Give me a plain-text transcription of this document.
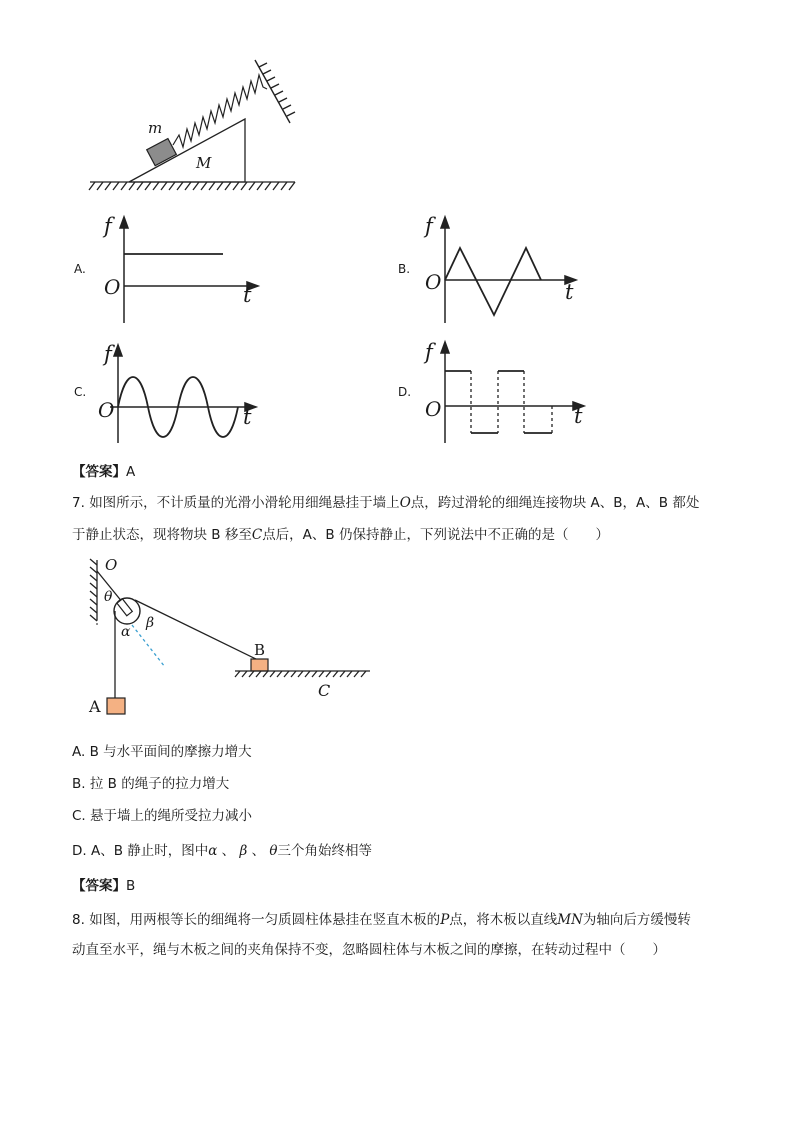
m
M
A.
f
O	t
B.
f
O	t
C.
f
O	t
D.
f
O	t
【答案】A
7. 如图所示，不计质量的光滑小滑轮用细绳悬挂于墙上O点，跨过滑轮的细绳连接物块 A、B，A、B 都处
于静止状态，现将物块 B 移至C点后，A、B 仍保持静止，下列说法中不正确的是（　　）
O
θ
α
β
A
B
C
A. B 与水平面间的摩擦力增大
B. 拉 B 的绳子的拉力增大
C. 悬于墙上的绳所受拉力减小
D. A、B 静止时，图中α 、 β 、 θ三个角始终相等
【答案】B
8. 如图，用两根等长的细绳将一匀质圆柱体悬挂在竖直木板的P点，将木板以直线MN为轴向后方缓慢转
动直至水平，绳与木板之间的夹角保持不变，忽略圆柱体与木板之间的摩擦，在转动过程中（　　）
